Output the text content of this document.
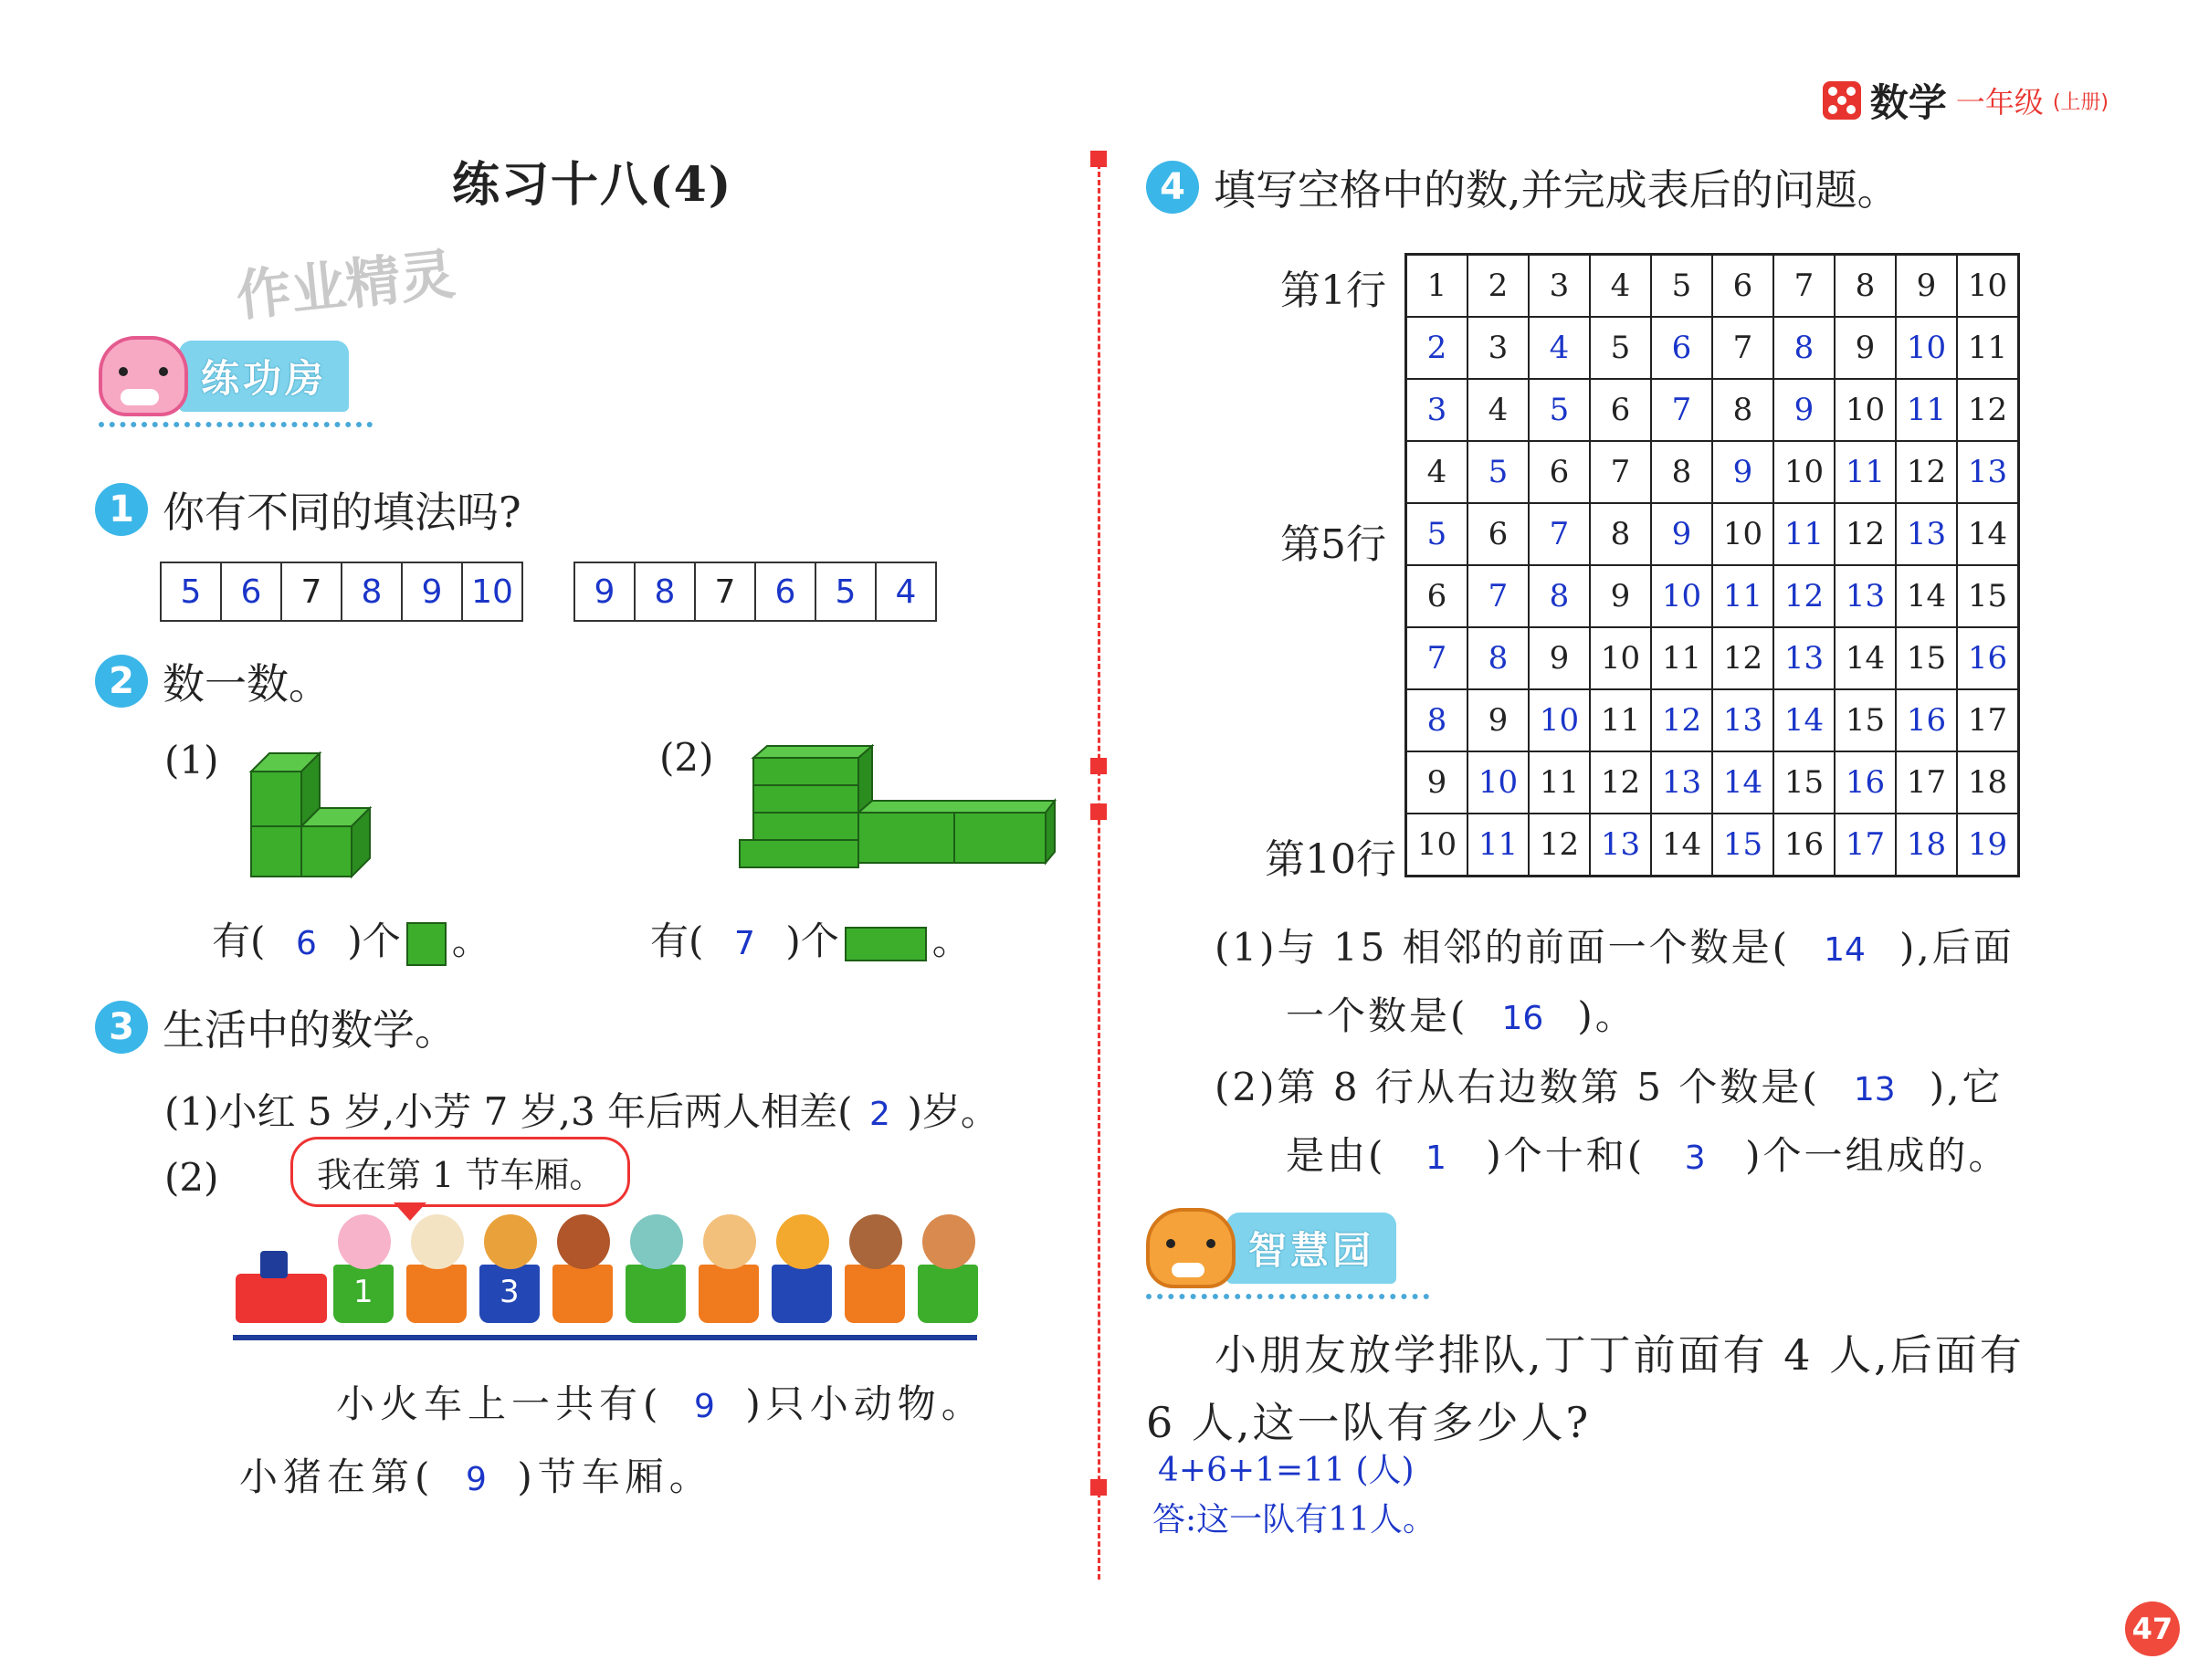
数学 一年级 (上册)
练习十八(4)
作业精灵
练功房
1 你有不同的填法吗?
5	6	7	8	9 10	9	8	7	6	5	4
2 数一数。
(1)	(2)
有( 6 )个 。	有( 7 )个 。
3 生活中的数学。
(1)小红 5 岁,小芳 7 岁,3 年后两人相差( 2 )岁。
(2)	我在第 1 节车厢。
1	3
小火车上一共有( 9 )只小动物。
小猪在第( 9 )节车厢。
4 填写空格中的数,并完成表后的问题。
第1行
第5行
第10行
1	2	3	4	5	6	7	8	9	10
2	3	4	5	6	7	8	9	10	11
3	4	5	6	7	8	9	10	11	12
4	5	6	7	8	9	10	11	12	13
5	6	7	8	9	10	11	12	13	14
6	7	8	9	10	11	12	13	14	15
7	8	9	10	11	12	13	14	15	16
8	9	10	11	12	13	14	15	16	17
9	10	11	12	13	14	15	16	17	18
10	11	12	13	14	15	16	17	18	19
(1)与 15 相邻的前面一个数是( 14 ),后面
一个数是( 16 )。
(2)第 8 行从右边数第 5 个数是( 13 ),它
是由( 1 )个十和( 3 )个一组成的。
智慧园
小朋友放学排队,丁丁前面有 4 人,后面有
6 人,这一队有多少人?
4+6+1=11 (人)
答:这一队有11人。
47
